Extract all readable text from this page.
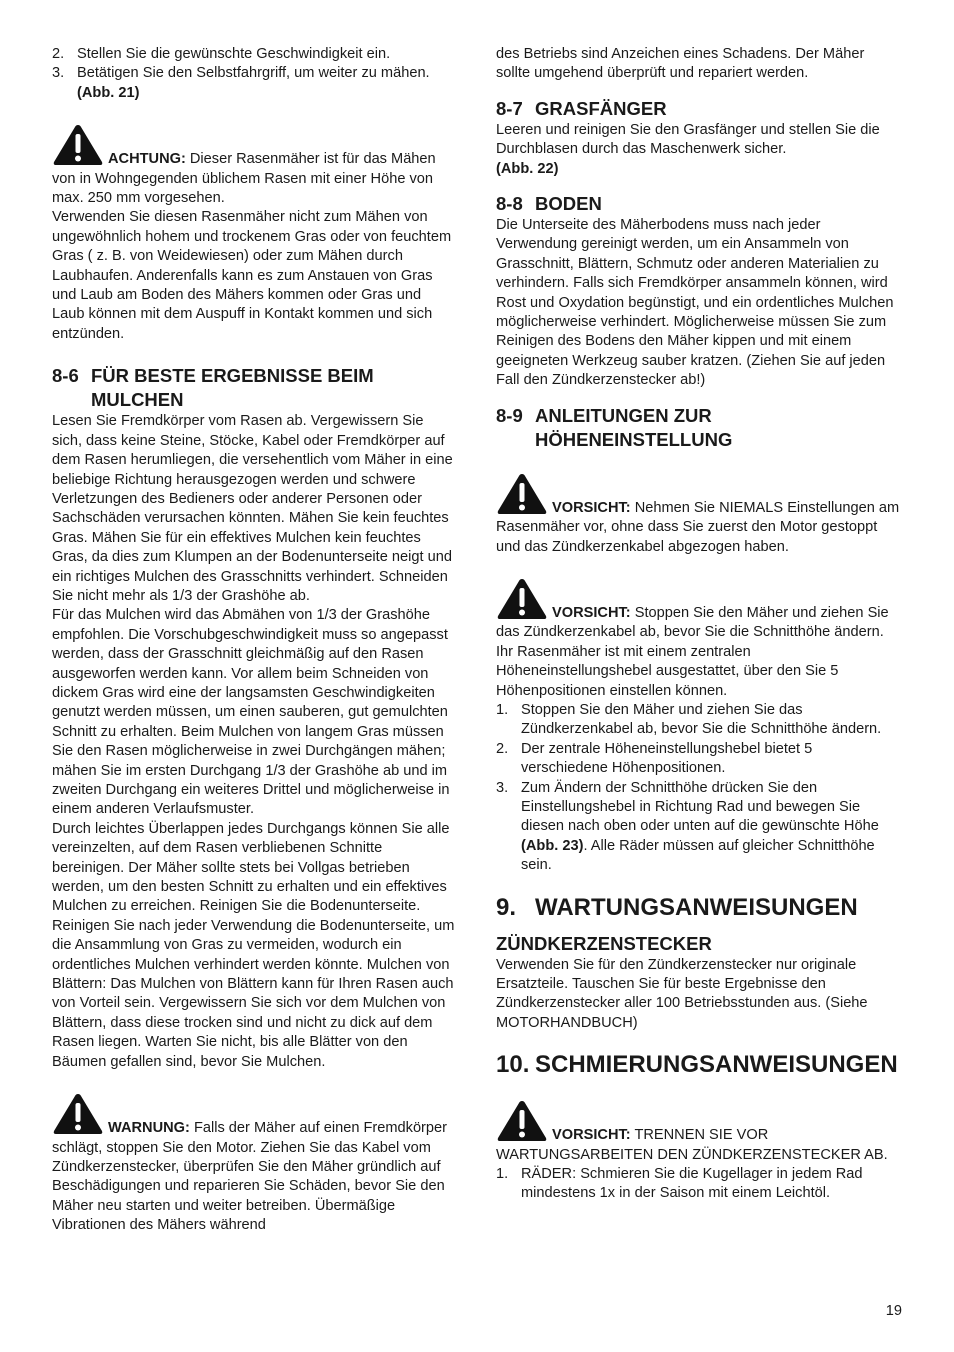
2. Stellen Sie die gewünschte Geschwindigkeit ein.
3. Betätigen Sie den Selbstfahrgriff, um weiter zu mähen. (Abb. 21)

ACHTUNG: Dieser Rasenmäher ist für das Mähen von in Wohngegenden üblichem Rasen mit einer Höhe von max. 250 mm vorgesehen.

Verwenden Sie diesen Rasenmäher nicht zum Mähen von ungewöhnlich hohem und trockenem Gras oder von feuchtem Gras ( z. B. von Weidewiesen) oder zum Mähen durch Laubhaufen. Anderenfalls kann es zum Anstauen von Gras und Laub am Boden des Mähers kommen oder Gras und Laub können mit dem Auspuff in Kontakt kommen und sich entzünden.

8-6 FÜR BESTE ERGEBNISSE BEIM
MULCHEN

Lesen Sie Fremdkörper vom Rasen ab. Vergewissern Sie sich, dass keine Steine, Stöcke, Kabel oder Fremdkörper auf dem Rasen herumliegen, die versehentlich vom Mäher in eine beliebige Richtung herausgezogen werden und schwere Verletzungen des Bedieners oder anderer Personen oder Sachschäden verursachen könnten. Mähen Sie kein feuchtes Gras. Mähen Sie für ein effektives Mulchen kein feuchtes Gras, da dies zum Klumpen an der Bodenunterseite neigt und ein richtiges Mulchen des Grasschnitts verhindert. Schneiden Sie nicht mehr als 1/3 der Grashöhe ab.

Für das Mulchen wird das Abmähen von 1/3 der Grashöhe empfohlen. Die Vorschubgeschwindigkeit muss so angepasst werden, dass der Grasschnitt gleichmäßig auf den Rasen ausgeworfen werden kann. Vor allem beim Schneiden von dickem Gras wird eine der langsamsten Geschwindigkeiten genutzt werden müssen, um einen sauberen, gut gemulchten Schnitt zu erhalten. Beim Mulchen von langem Gras müssen Sie den Rasen möglicherweise in zwei Durchgängen mähen; mähen Sie im ersten Durchgang 1/3 der Grashöhe ab und im zweiten Durchgang ein weiteres Drittel und möglicherweise in einem anderen Verlaufsmuster.

Durch leichtes Überlappen jedes Durchgangs können Sie alle vereinzelten, auf dem Rasen verbliebenen Schnitte bereinigen. Der Mäher sollte stets bei Vollgas betrieben werden, um den besten Schnitt zu erhalten und ein effektives Mulchen zu erreichen. Reinigen Sie die Bodenunterseite.

Reinigen Sie nach jeder Verwendung die Bodenunterseite, um die Ansammlung von Gras zu vermeiden, wodurch ein ordentliches Mulchen verhindert werden könnte. Mulchen von Blättern: Das Mulchen von Blättern kann für Ihren Rasen auch von Vorteil sein. Vergewissern Sie sich vor dem Mulchen von Blättern, dass diese trocken sind und nicht zu dick auf dem Rasen liegen. Warten Sie nicht, bis alle Blätter von den Bäumen gefallen sind, bevor Sie Mulchen.

WARNUNG: Falls der Mäher auf einen Fremdkörper schlägt, stoppen Sie den Motor. Ziehen Sie das Kabel vom Zündkerzenstecker, überprüfen Sie den Mäher gründlich auf Beschädigungen und reparieren Sie Schäden, bevor Sie den Mäher neu starten und weiter betreiben. Übermäßige Vibrationen des Mähers während

des Betriebs sind Anzeichen eines Schadens. Der Mäher sollte umgehend überprüft und repariert werden.

8-7 GRASFÄNGER

Leeren und reinigen Sie den Grasfänger und stellen Sie die Durchblasen durch das Maschenwerk sicher.

(Abb. 22)

8-8 BODEN

Die Unterseite des Mäherbodens muss nach jeder Verwendung gereinigt werden, um ein Ansammeln von Grasschnitt, Blättern, Schmutz oder anderen Materialien zu verhindern. Falls sich Fremdkörper ansammeln können, wird Rost und Oxydation begünstigt, und ein ordentliches Mulchen möglicherweise verhindert. Möglicherweise müssen Sie zum Reinigen des Bodens den Mäher kippen und mit einem geeigneten Werkzeug sauber kratzen. (Ziehen Sie auf jeden Fall den Zündkerzenstecker ab!)

8-9 ANLEITUNGEN ZUR
HÖHENEINSTELLUNG

VORSICHT: Nehmen Sie NIEMALS Einstellungen am Rasenmäher vor, ohne dass Sie zuerst den Motor gestoppt und das Zündkerzenkabel abgezogen haben.

VORSICHT: Stoppen Sie den Mäher und ziehen Sie das Zündkerzenkabel ab, bevor Sie die Schnitthöhe ändern.

Ihr Rasenmäher ist mit einem zentralen Höheneinstellungshebel ausgestattet, über den Sie 5 Höhenpositionen einstellen können.

1. Stoppen Sie den Mäher und ziehen Sie das Zündkerzenkabel ab, bevor Sie die Schnitthöhe ändern.
2. Der zentrale Höheneinstellungshebel bietet 5 verschiedene Höhenpositionen.
3. Zum Ändern der Schnitthöhe drücken Sie den Einstellungshebel in Richtung Rad und bewegen Sie diesen nach oben oder unten auf die gewünschte Höhe (Abb. 23). Alle Räder müssen auf gleicher Schnitthöhe sein.
9. WARTUNGSANWEISUNGEN
ZÜNDKERZENSTECKER

Verwenden Sie für den Zündkerzenstecker nur originale Ersatzteile. Tauschen Sie für beste Ergebnisse den Zündkerzenstecker aller 100 Betriebsstunden aus. (Siehe MOTORHANDBUCH)

10. SCHMIERUNGSANWEISUNGEN

VORSICHT: TRENNEN SIE VOR WARTUNGSARBEITEN DEN ZÜNDKERZENSTECKER AB.

1. RÄDER: Schmieren Sie die Kugellager in jedem Rad mindestens 1x in der Saison mit einem Leichtöl.
19
